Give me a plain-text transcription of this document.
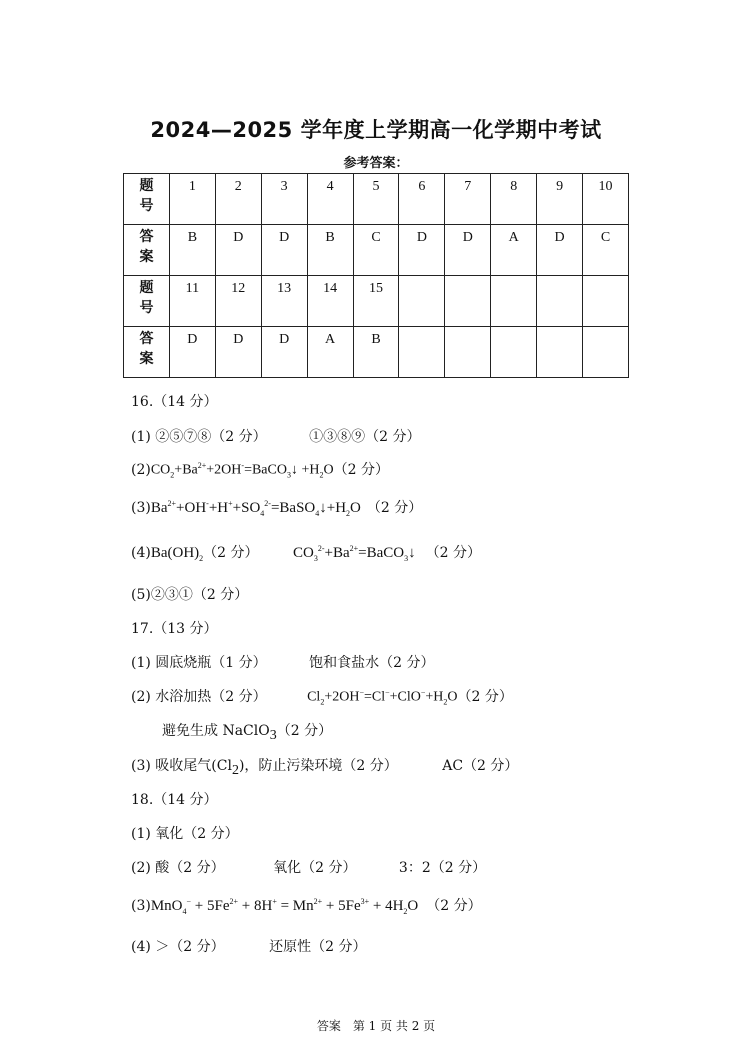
2024—2025 学年度上学期高一化学期中考试
参考答案：
题
号	1	2	3	4	5	6	7	8	9	10
答
案	B	D	D	B	C	D	D	A	D	C
题
号	11	12	13	14	15					
答
案	D	D	D	A	B					
16.（14 分）
(1) ②⑤⑦⑧（2 分）	①③⑧⑨（2 分）
$(2)CO_2+Ba^{2+}+2OH^-=BaCO_3↓ +H_2O(2$ 分）
$(3)Ba^{2+}+OH^-+H^++SO_4^{2-}=BaSO_4↓+H_2O$ （2 分）
$(4)Ba(OH)_2(2$ 分） $CO_3^{2-}+Ba^{2+}=BaCO_3↓$ （2 分）
(5)②③①（2 分）
17.（13 分）
(1) 圆底烧瓶（1 分）	饱和食盐水（2 分）
(2) 水浴加热（2 分）	$Cl_2+2OH^-=Cl^-+ClO^-+H_2O(2$ 分）
避免生成 NaClO$_3$（2 分）
(3) 吸收尾气$(Cl_2)$，防止污染环境（2 分）	AC（2 分）
18.（14 分）
(1) 氧化（2 分）
(2) 酸（2 分）	氧化（2 分）	3：2（2 分）
$(3)MnO_4^- + 5Fe^{2+} + 8H^+ = Mn^{2+} + 5Fe^{3+} + 4H_2O$ （2 分）
(4) ＞（2 分）	还原性（2 分）
答案　第 1 页 共 2 页
